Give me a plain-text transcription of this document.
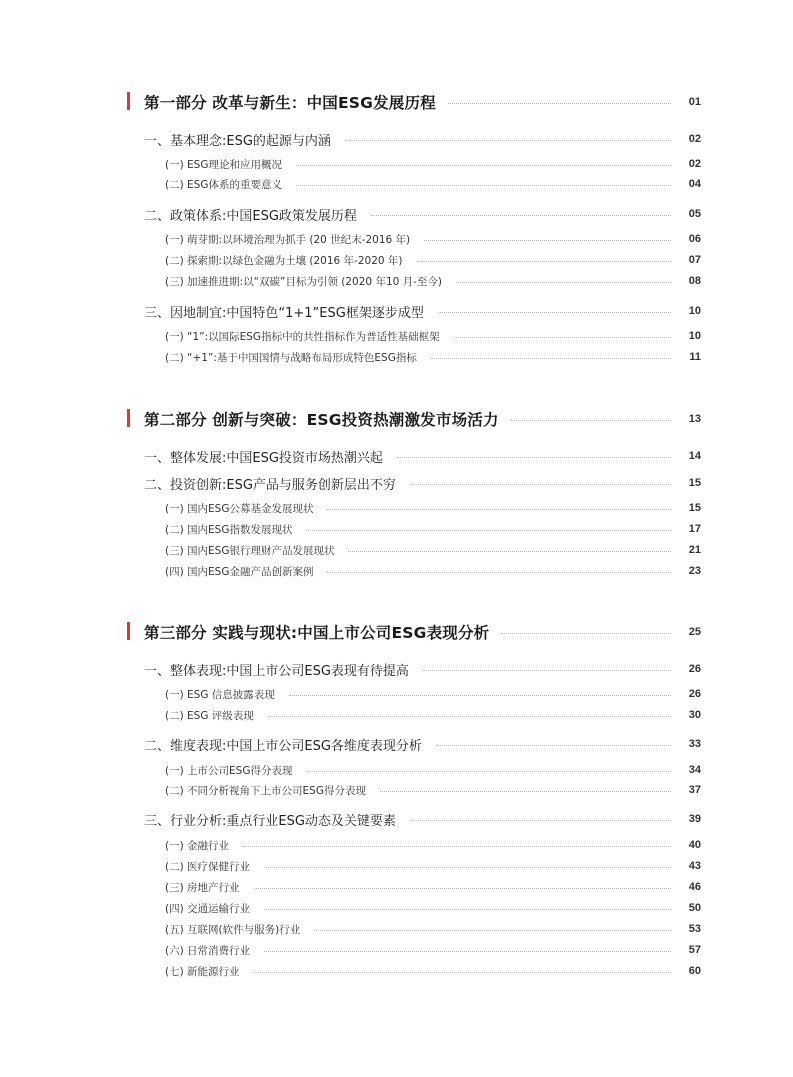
第一部分 改革与新生：中国ESG发展历程	01
一、基本理念:ESG的起源与内涵	02
(一) ESG理论和应用概况	02
(二) ESG体系的重要意义	04
二、政策体系:中国ESG政策发展历程	05
(一) 萌芽期:以环境治理为抓手 (20 世纪末-2016 年)	06
(二) 探索期:以绿色金融为土壤 (2016 年-2020 年)	07
(三) 加速推进期:以“双碳”目标为引领 (2020 年10 月-至今)	08
三、因地制宜:中国特色“1+1”ESG框架逐步成型	10
(一) “1”:以国际ESG指标中的共性指标作为普适性基础框架	10
(二) “+1”:基于中国国情与战略布局形成特色ESG指标	11
第二部分 创新与突破：ESG投资热潮激发市场活力	13
一、整体发展:中国ESG投资市场热潮兴起	14
二、投资创新:ESG产品与服务创新层出不穷	15
(一) 国内ESG公募基金发展现状	15
(二) 国内ESG指数发展现状	17
(三) 国内ESG银行理财产品发展现状	21
(四) 国内ESG金融产品创新案例	23
第三部分 实践与现状:中国上市公司ESG表现分析	25
一、整体表现:中国上市公司ESG表现有待提高	26
(一) ESG 信息披露表现	26
(二) ESG 评级表现	30
二、维度表现:中国上市公司ESG各维度表现分析	33
(一) 上市公司ESG得分表现	34
(二) 不同分析视角下上市公司ESG得分表现	37
三、行业分析:重点行业ESG动态及关键要素	39
(一) 金融行业	40
(二) 医疗保健行业	43
(三) 房地产行业	46
(四) 交通运输行业	50
(五) 互联网(软件与服务)行业	53
(六) 日常消费行业	57
(七) 新能源行业	60
